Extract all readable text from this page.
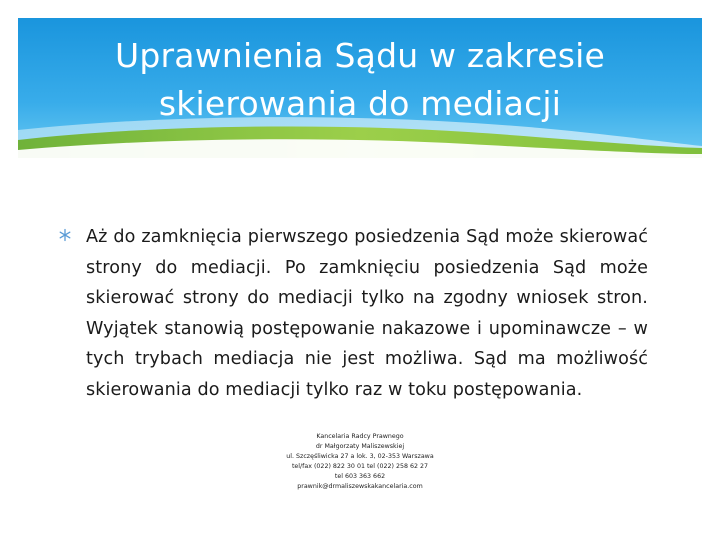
Uprawnienia Sądu w zakresie
skierowania do mediacji
Aż do zamknięcia pierwszego posiedzenia Sąd może skierować strony do mediacji. Po zamknięciu posiedzenia Sąd może skierować strony do mediacji tylko na zgodny wniosek stron. Wyjątek stanowią postępowanie nakazowe i upominawcze – w tych trybach mediacja nie jest możliwa. Sąd ma możliwość skierowania do mediacji tylko raz w toku postępowania.
Kancelaria Radcy Prawnego
dr Małgorzaty Maliszewskiej
ul. Szczęśliwicka 27 a lok. 3, 02-353 Warszawa
tel/fax (022) 822 30 01 tel (022) 258 62 27
tel 603 363 662
prawnik@drmaliszewskakancelaria.com
